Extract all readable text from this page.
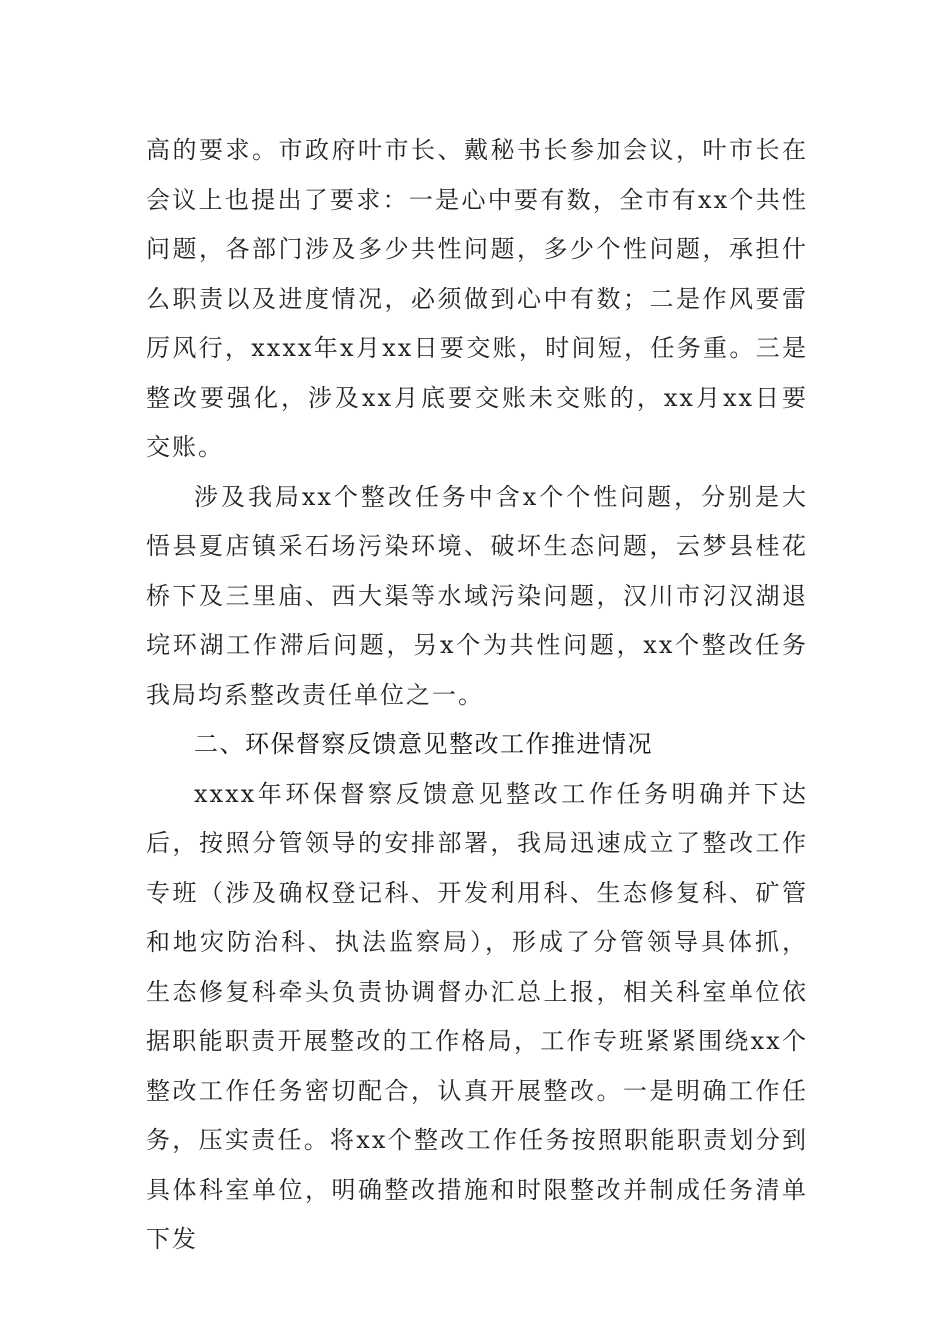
高的要求。市政府叶市长、戴秘书长参加会议，叶市长在会议上也提出了要求：一是心中要有数，全市有xx个共性问题，各部门涉及多少共性问题，多少个性问题，承担什么职责以及进度情况，必须做到心中有数；二是作风要雷厉风行，xxxx年x月xx日要交账，时间短，任务重。三是整改要强化，涉及xx月底要交账未交账的，xx月xx日要交账。

涉及我局xx个整改任务中含x个个性问题，分别是大悟县夏店镇采石场污染环境、破坏生态问题，云梦县桂花桥下及三里庙、西大渠等水域污染问题，汉川市汈汉湖退垸环湖工作滞后问题，另x个为共性问题，xx个整改任务我局均系整改责任单位之一。

二、环保督察反馈意见整改工作推进情况

xxxx年环保督察反馈意见整改工作任务明确并下达后，按照分管领导的安排部署，我局迅速成立了整改工作专班（涉及确权登记科、开发利用科、生态修复科、矿管和地灾防治科、执法监察局），形成了分管领导具体抓，生态修复科牵头负责协调督办汇总上报，相关科室单位依据职能职责开展整改的工作格局，工作专班紧紧围绕xx个整改工作任务密切配合，认真开展整改。一是明确工作任务，压实责任。将xx个整改工作任务按照职能职责划分到具体科室单位，明确整改措施和时限整改并制成任务清单下发
